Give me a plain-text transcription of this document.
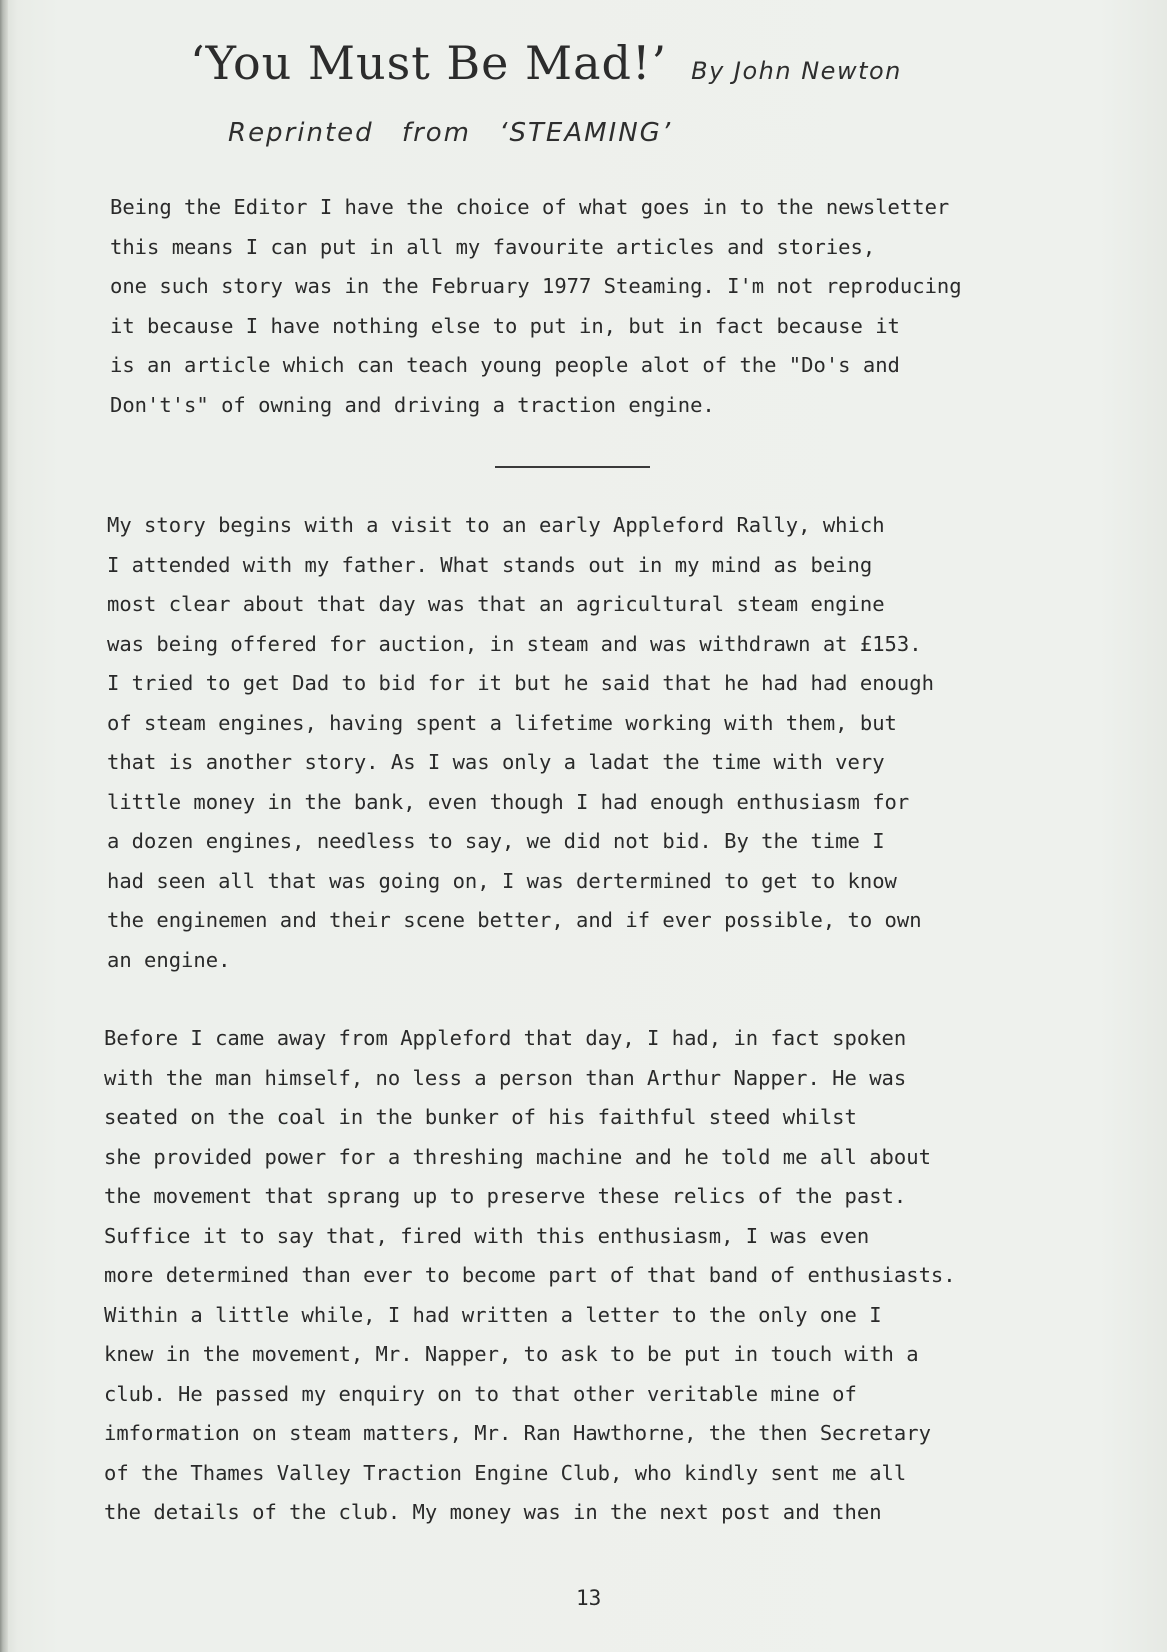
‘You Must Be Mad!’ By John Newton
Reprinted from ‘STEAMING’
Being the Editor I have the choice of what goes in to the newsletter
this means I can put in all my favourite articles and stories,
one such story was in the February 1977 Steaming. I'm not reproducing
it because I have nothing else to put in, but in fact because it
is an article which can teach young people alot of the "Do's and
Don't's" of owning and driving a traction engine.
My story begins with a visit to an early Appleford Rally, which
I attended with my father. What stands out in my mind as being
most clear about that day was that an agricultural steam engine
was being offered for auction, in steam and was withdrawn at £153.
I tried to get Dad to bid for it but he said that he had had enough
of steam engines, having spent a lifetime working with them, but
that is another story. As I was only a ladat the time with very
little money in the bank, even though I had enough enthusiasm for
a dozen engines, needless to say, we did not bid. By the time I
had seen all that was going on, I was dertermined to get to know
the enginemen and their scene better, and if ever possible, to own
an engine.
Before I came away from Appleford that day, I had, in fact spoken
with the man himself, no less a person than Arthur Napper. He was
seated on the coal in the bunker of his faithful steed whilst
she provided power for a threshing machine and he told me all about
the movement that sprang up to preserve these relics of the past.
Suffice it to say that, fired with this enthusiasm, I was even
more determined than ever to become part of that band of enthusiasts.
Within a little while, I had written a letter to the only one I
knew in the movement, Mr. Napper, to ask to be put in touch with a
club. He passed my enquiry on to that other veritable mine of
imformation on steam matters, Mr. Ran Hawthorne, the then Secretary
of the Thames Valley Traction Engine Club, who kindly sent me all
the details of the club. My money was in the next post and then
13
